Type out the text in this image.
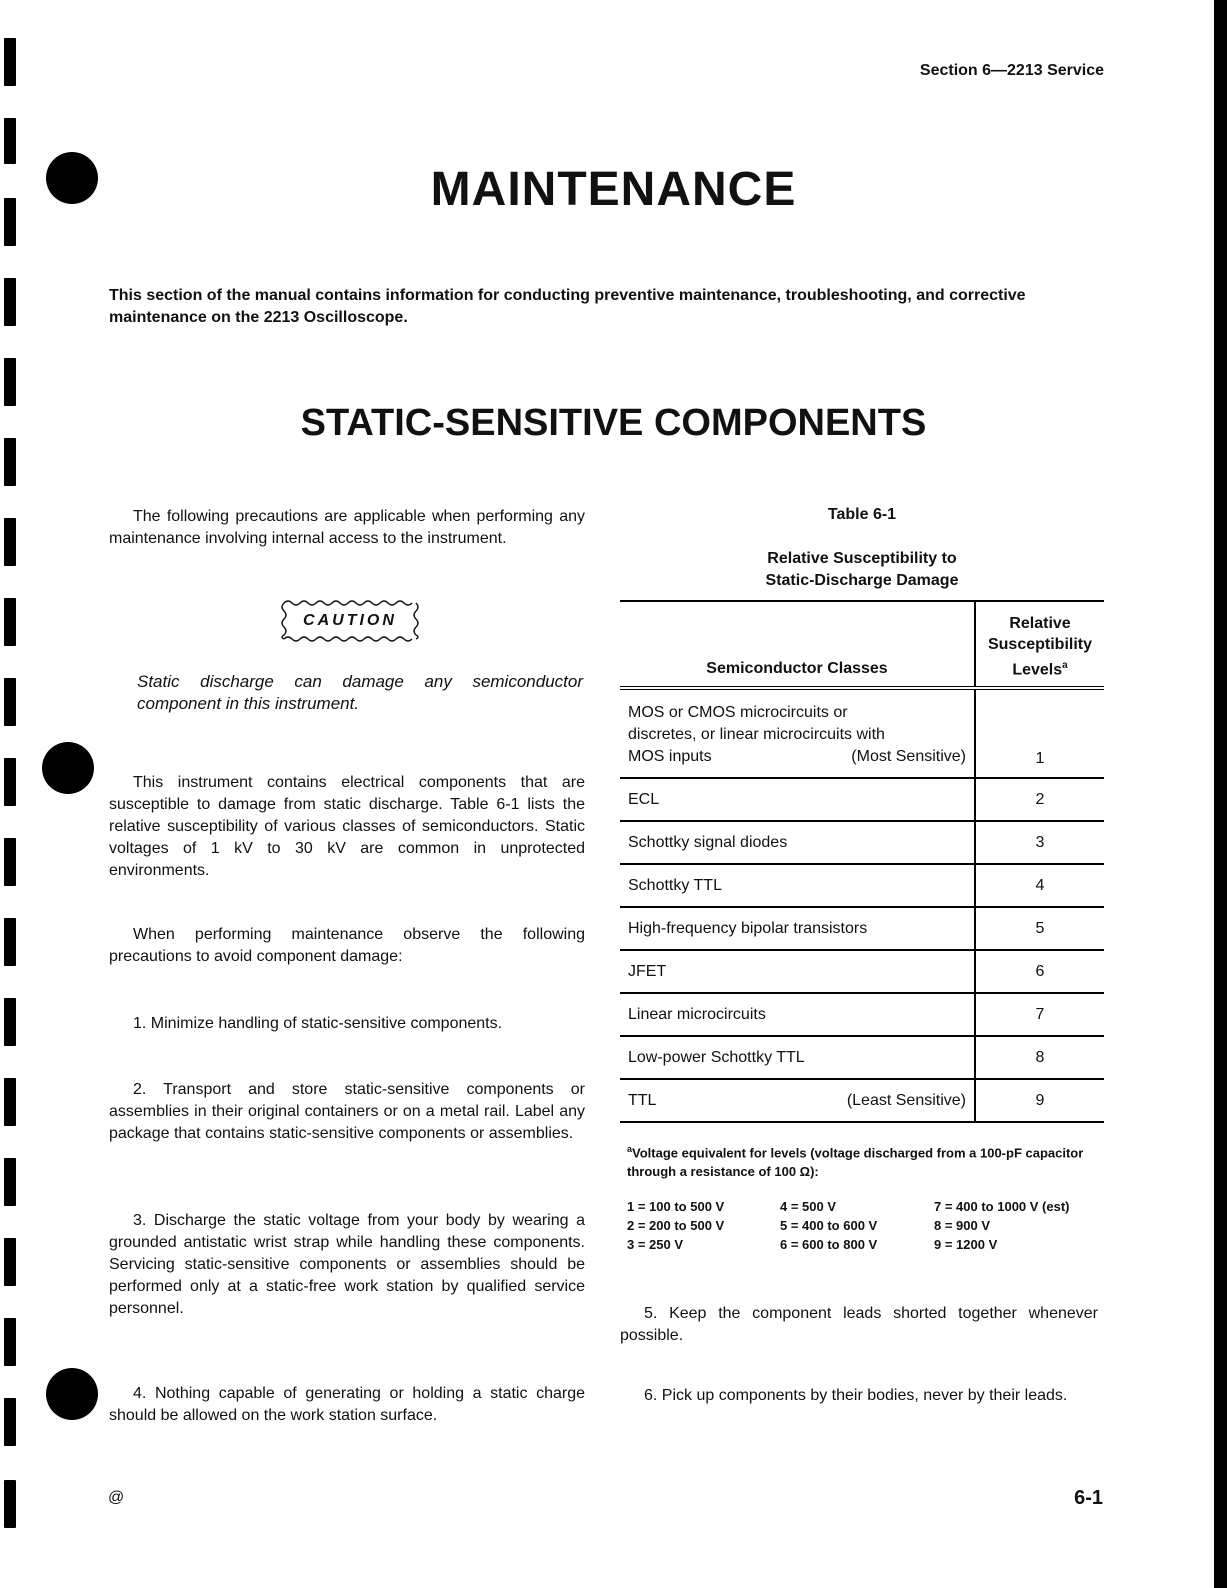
Section 6—2213 Service
MAINTENANCE
This section of the manual contains information for conducting preventive maintenance, troubleshooting, and corrective maintenance on the 2213 Oscilloscope.
STATIC-SENSITIVE COMPONENTS
The following precautions are applicable when performing any maintenance involving internal access to the instrument.
CAUTION
Static discharge can damage any semiconductor component in this instrument.
This instrument contains electrical components that are susceptible to damage from static discharge. Table 6-1 lists the relative susceptibility of various classes of semiconductors. Static voltages of 1 kV to 30 kV are common in unprotected environments.
When performing maintenance observe the following precautions to avoid component damage:
1. Minimize handling of static-sensitive components.
2. Transport and store static-sensitive components or assemblies in their original containers or on a metal rail. Label any package that contains static-sensitive components or assemblies.
3. Discharge the static voltage from your body by wearing a grounded antistatic wrist strap while handling these components. Servicing static-sensitive components or assemblies should be performed only at a static-free work station by qualified service personnel.
4. Nothing capable of generating or holding a static charge should be allowed on the work station surface.
Table 6-1
Relative Susceptibility to
Static-Discharge Damage
Semiconductor Classes	Relative
Susceptibility
Levels$^a$

MOS or CMOS microcircuits or
discretes, or linear microcircuits with
MOS inputs (Most Sensitive)	1
ECL	2
Schottky signal diodes	3
Schottky TTL	4
High-frequency bipolar transistors	5
JFET	6
Linear microcircuits	7
Low-power Schottky TTL	8

TTL (Least Sensitive)	9
$^a$Voltage equivalent for levels (voltage discharged from a 100-pF capacitor through a resistance of 100 Ω):
1 = 100 to 500 V
2 = 200 to 500 V
3 = 250 V
4 = 500 V
5 = 400 to 600 V
6 = 600 to 800 V
7 = 400 to 1000 V (est)
8 = 900 V
9 = 1200 V
5. Keep the component leads shorted together whenever possible.
6. Pick up components by their bodies, never by their leads.
@	6-1
